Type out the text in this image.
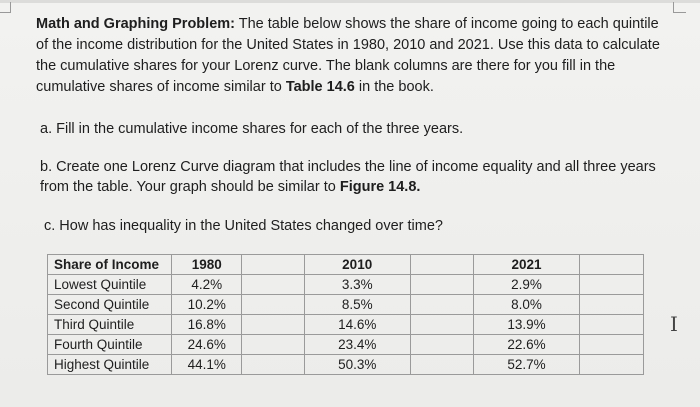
Math and Graphing Problem: The table below shows the share of income going to each quintile of the income distribution for the United States in 1980, 2010 and 2021. Use this data to calculate the cumulative shares for your Lorenz curve. The blank columns are there for you fill in the cumulative shares of income similar to Table 14.6 in the book.
a. Fill in the cumulative income shares for each of the three years.
b. Create one Lorenz Curve diagram that includes the line of income equality and all three years from the table. Your graph should be similar to Figure 14.8.
c. How has inequality in the United States changed over time?
Share of Income	1980		2010		2021	
Lowest Quintile	4.2%		3.3%		2.9%	
Second Quintile	10.2%		8.5%		8.0%	
Third Quintile	16.8%		14.6%		13.9%	
Fourth Quintile	24.6%		23.4%		22.6%	
Highest Quintile	44.1%		50.3%		52.7%	
I
